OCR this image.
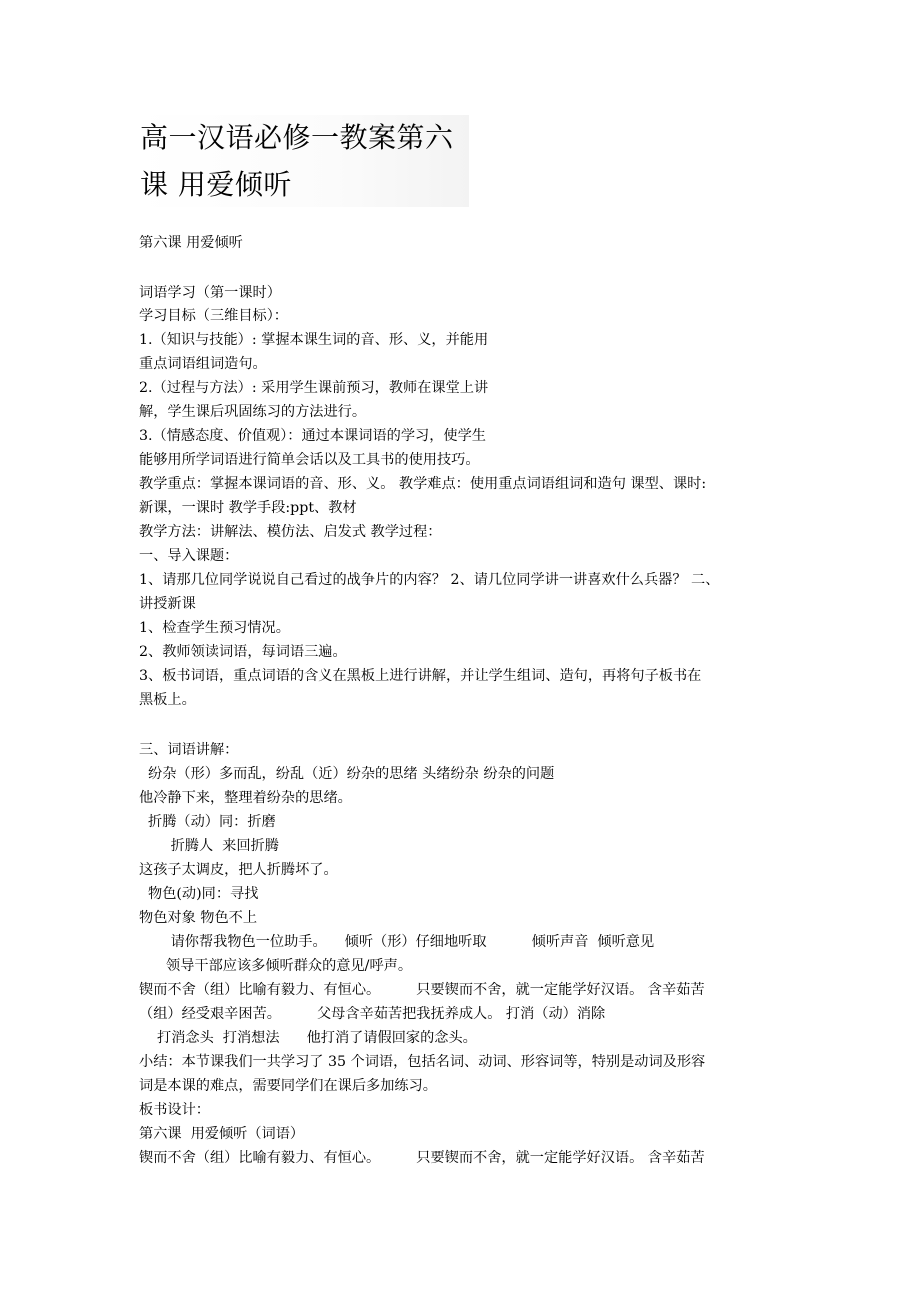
高一汉语必修一教案第六
课 用爱倾听
第六课 用爱倾听
词语学习（第一课时）
学习目标（三维目标）：
1.（知识与技能）: 掌握本课生词的音、形、义，并能用
重点词语组词造句。
2.（过程与方法）: 采用学生课前预习，教师在课堂上讲
解，学生课后巩固练习的方法进行。
3.（情感态度、价值观）：通过本课词语的学习，使学生
能够用所学词语进行简单会话以及工具书的使用技巧。
教学重点：掌握本课词语的音、形、义。 教学难点：使用重点词语组词和造句 课型、课时:
新课，一课时 教学手段:ppt、教材
教学方法：讲解法、模仿法、启发式 教学过程：
一、导入课题：
1、请那几位同学说说自己看过的战争片的内容？ 2、请几位同学讲一讲喜欢什么兵器？ 二、
讲授新课
1、检查学生预习情况。
2、教师领读词语，每词语三遍。
3、板书词语，重点词语的含义在黑板上进行讲解，并让学生组词、造句，再将句子板书在
黑板上。
三、词语讲解：
纷杂（形）多而乱，纷乱（近）纷杂的思绪 头绪纷杂 纷杂的问题
他冷静下来，整理着纷杂的思绪。
折腾（动）同：折磨
折腾人  来回折腾
这孩子太调皮，把人折腾坏了。
物色(动)同：寻找
物色对象 物色不上
请你帮我物色一位助手。    倾听（形）仔细地听取          倾听声音  倾听意见
领导干部应该多倾听群众的意见/呼声。
锲而不舍（组）比喻有毅力、有恒心。        只要锲而不舍，就一定能学好汉语。 含辛茹苦
（组）经受艰辛困苦。        父母含辛茹苦把我抚养成人。 打消（动）消除
打消念头  打消想法      他打消了请假回家的念头。
小结：本节课我们一共学习了 35 个词语，包括名词、动词、形容词等，特别是动词及形容
词是本课的难点，需要同学们在课后多加练习。
板书设计：
第六课  用爱倾听（词语）
锲而不舍（组）比喻有毅力、有恒心。        只要锲而不舍，就一定能学好汉语。 含辛茹苦
